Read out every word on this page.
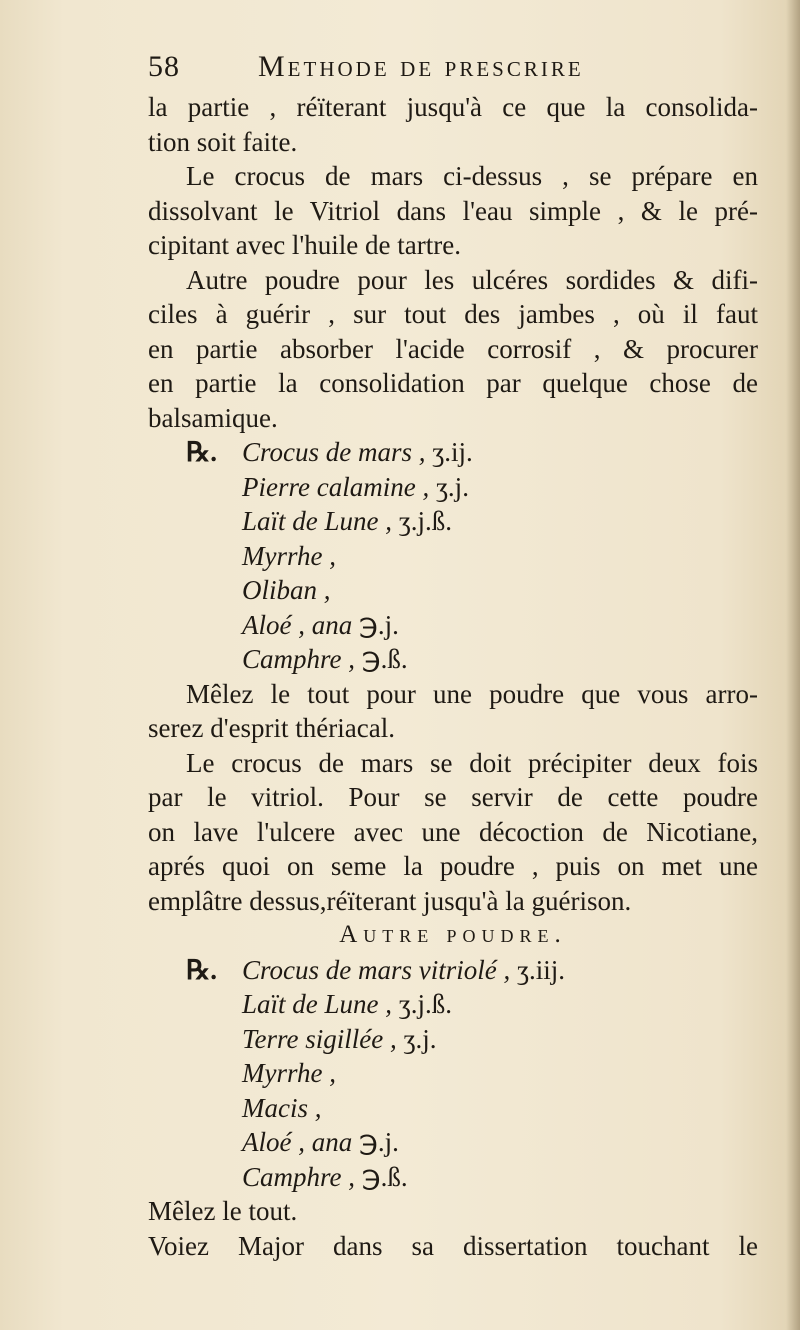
58	Methode de prescrire
la partie , réïterant jusqu'à ce que la consolida-
tion soit faite.
Le crocus de mars ci-dessus , se prépare en
dissolvant le Vitriol dans l'eau simple , & le pré-
cipitant avec l'huile de tartre.
Autre poudre pour les ulcéres sordides & difi-
ciles à guérir , sur tout des jambes , où il faut
en partie absorber l'acide corrosif , & procurer
en partie la consolidation par quelque chose de
balsamique.
℞. Crocus de mars , ʒ.ij.
Pierre calamine , ʒ.j.
Laït de Lune , ʒ.j.ß.
Myrrhe ,
Oliban ,
Aloé , ana ℈.j.
Camphre , ℈.ß.
Mêlez le tout pour une poudre que vous arro-
serez d'esprit thériacal.
Le crocus de mars se doit précipiter deux fois
par le vitriol. Pour se servir de cette poudre
on lave l'ulcere avec une décoction de Nicotiane,
aprés quoi on seme la poudre , puis on met une
emplâtre dessus,réïterant jusqu'à la guérison.
Autre poudre.
℞. Crocus de mars vitriolé , ʒ.iij.
Laït de Lune , ʒ.j.ß.
Terre sigillée , ʒ.j.
Myrrhe ,
Macis ,
Aloé , ana ℈.j.
Camphre , ℈.ß.
Mêlez le tout.
Voiez Major dans sa dissertation touchant le
